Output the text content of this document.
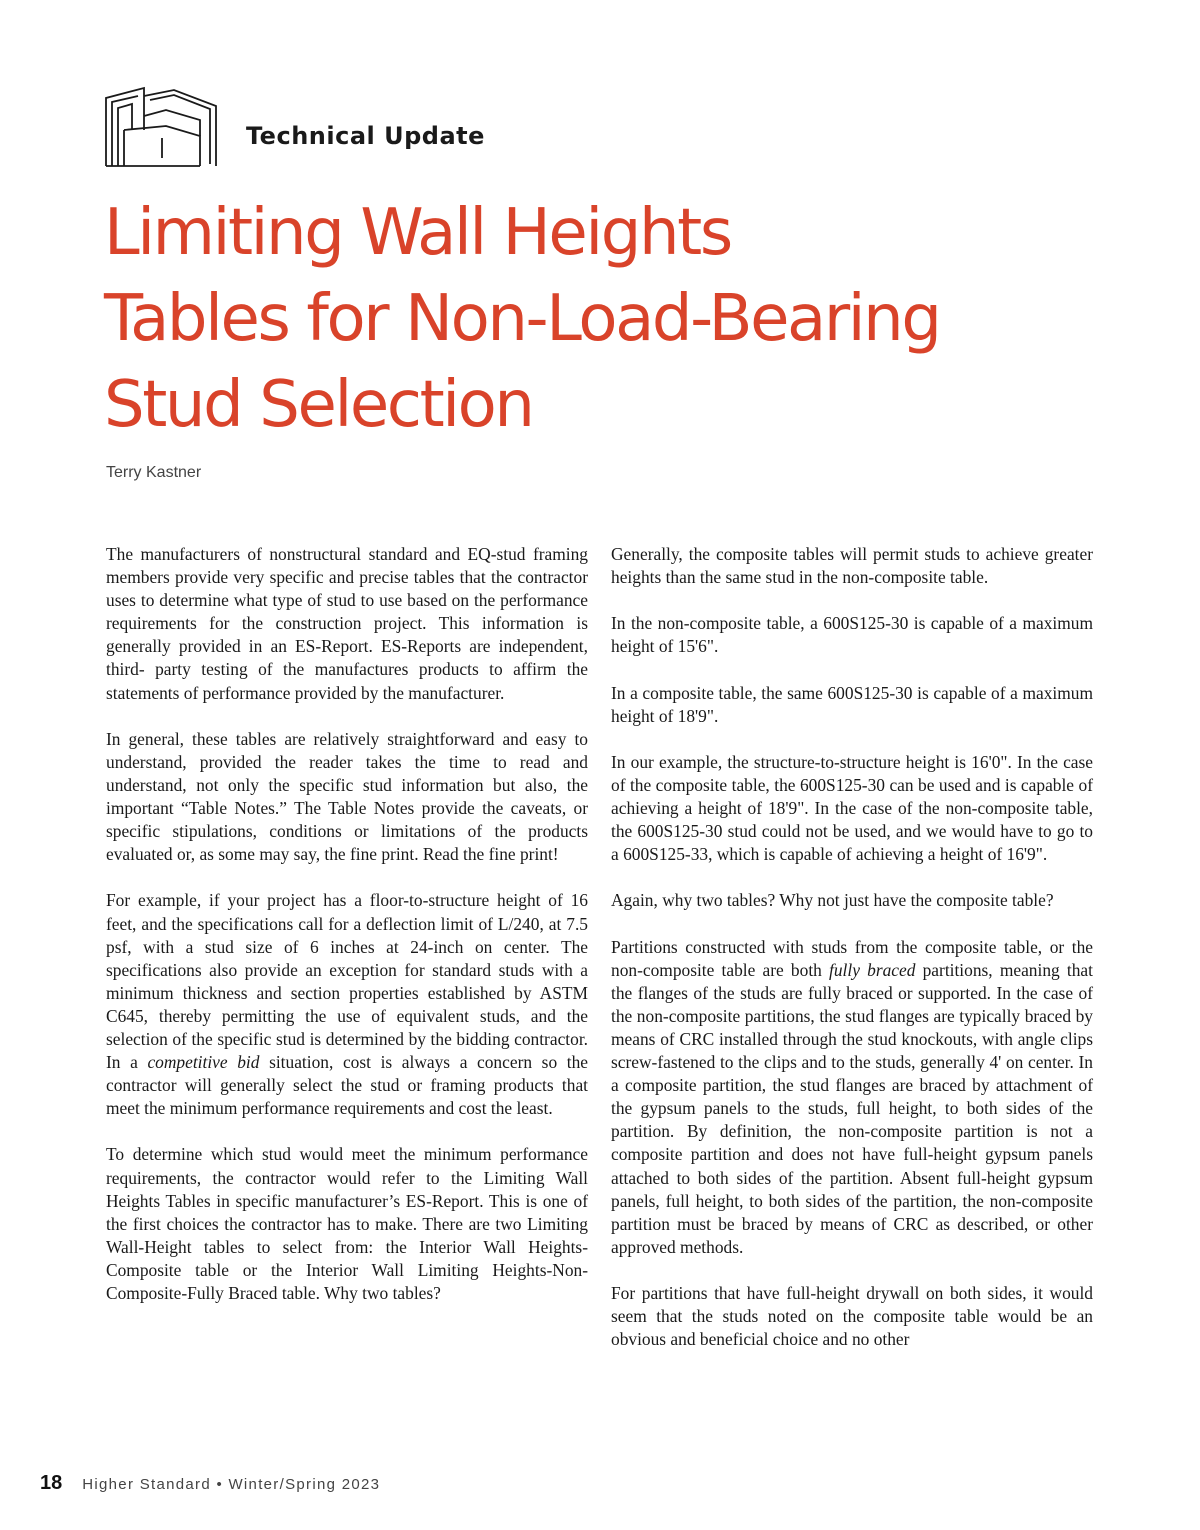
Technical Update
Limiting Wall Heights
Tables for Non-Load-Bearing
Stud Selection
Terry Kastner

The manufacturers of nonstructural standard and EQ-stud framing members provide very specific and precise tables that the contractor uses to determine what type of stud to use based on the performance requirements for the construction project. This information is generally provided in an ES-Report. ES-Reports are independent, third- party testing of the manufactures products to affirm the statements of performance provided by the manufacturer.

In general, these tables are relatively straightforward and easy to understand, provided the reader takes the time to read and understand, not only the specific stud information but also, the important “Table Notes.” The Table Notes provide the caveats, or specific stipulations, conditions or limitations of the products evaluated or, as some may say, the fine print. Read the fine print!

For example, if your project has a floor-to-structure height of 16 feet, and the specifications call for a deflection limit of L/240, at 7.5 psf, with a stud size of 6 inches at 24-inch on center. The specifications also provide an exception for standard studs with a minimum thickness and section properties established by ASTM C645, thereby permitting the use of equivalent studs, and the selection of the specific stud is determined by the bidding contractor. In a competitive bid situation, cost is always a concern so the contractor will generally select the stud or framing products that meet the minimum performance requirements and cost the least.

To determine which stud would meet the minimum performance requirements, the contractor would refer to the Limiting Wall Heights Tables in specific manufacturer’s ES-Report. This is one of the first choices the contractor has to make. There are two Limiting Wall-Height tables to select from: the Interior Wall Heights-Composite table or the Interior Wall Limiting Heights-Non-Composite-Fully Braced table. Why two tables?

Generally, the composite tables will permit studs to achieve greater heights than the same stud in the non-composite table.

In the non-composite table, a 600S125-30 is capable of a maximum height of 15'6".

In a composite table, the same 600S125-30 is capable of a maximum height of 18'9".

In our example, the structure-to-structure height is 16'0". In the case of the composite table, the 600S125-30 can be used and is capable of achieving a height of 18'9". In the case of the non-composite table, the 600S125-30 stud could not be used, and we would have to go to a 600S125-33, which is capable of achieving a height of 16'9".

Again, why two tables? Why not just have the composite table?

Partitions constructed with studs from the composite table, or the non-composite table are both fully braced partitions, meaning that the flanges of the studs are fully braced or supported. In the case of the non-composite partitions, the stud flanges are typically braced by means of CRC installed through the stud knockouts, with angle clips screw-fastened to the clips and to the studs, generally 4' on center. In a composite partition, the stud flanges are braced by attachment of the gypsum panels to the studs, full height, to both sides of the partition. By definition, the non-composite partition is not a composite partition and does not have full-height gypsum panels attached to both sides of the partition. Absent full-height gypsum panels, full height, to both sides of the partition, the non-composite partition must be braced by means of CRC as described, or other approved methods.

For partitions that have full-height drywall on both sides, it would seem that the studs noted on the composite table would be an obvious and beneficial choice and no other

18 Higher Standard • Winter/Spring 2023
